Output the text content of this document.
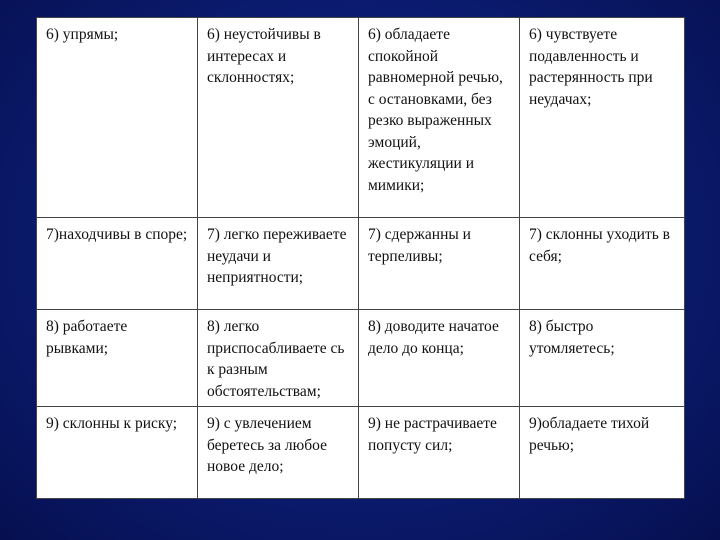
6) упрямы;	6) неустойчивы в интересах и склонностях;	6) обладаете спокойной равномерной речью, с остановками, без резко выраженных эмоций, жестикуляции и мимики;	6) чувствуете подавленность и растерянность при неудачах;
7)находчивы в споре;	7) легко переживаете неудачи и неприятности;	7) сдержанны и терпеливы;	7) склонны уходить в себя;
8) работаете рывками;	8) легко приспосабливаете сь к разным обстоятельствам;	8) доводите начатое дело до конца;	8) быстро утомляетесь;
9) склонны к риску;	9) с увлечением беретесь за любое новое дело;	9) не растрачиваете попусту сил;	9)обладаете тихой речью;
